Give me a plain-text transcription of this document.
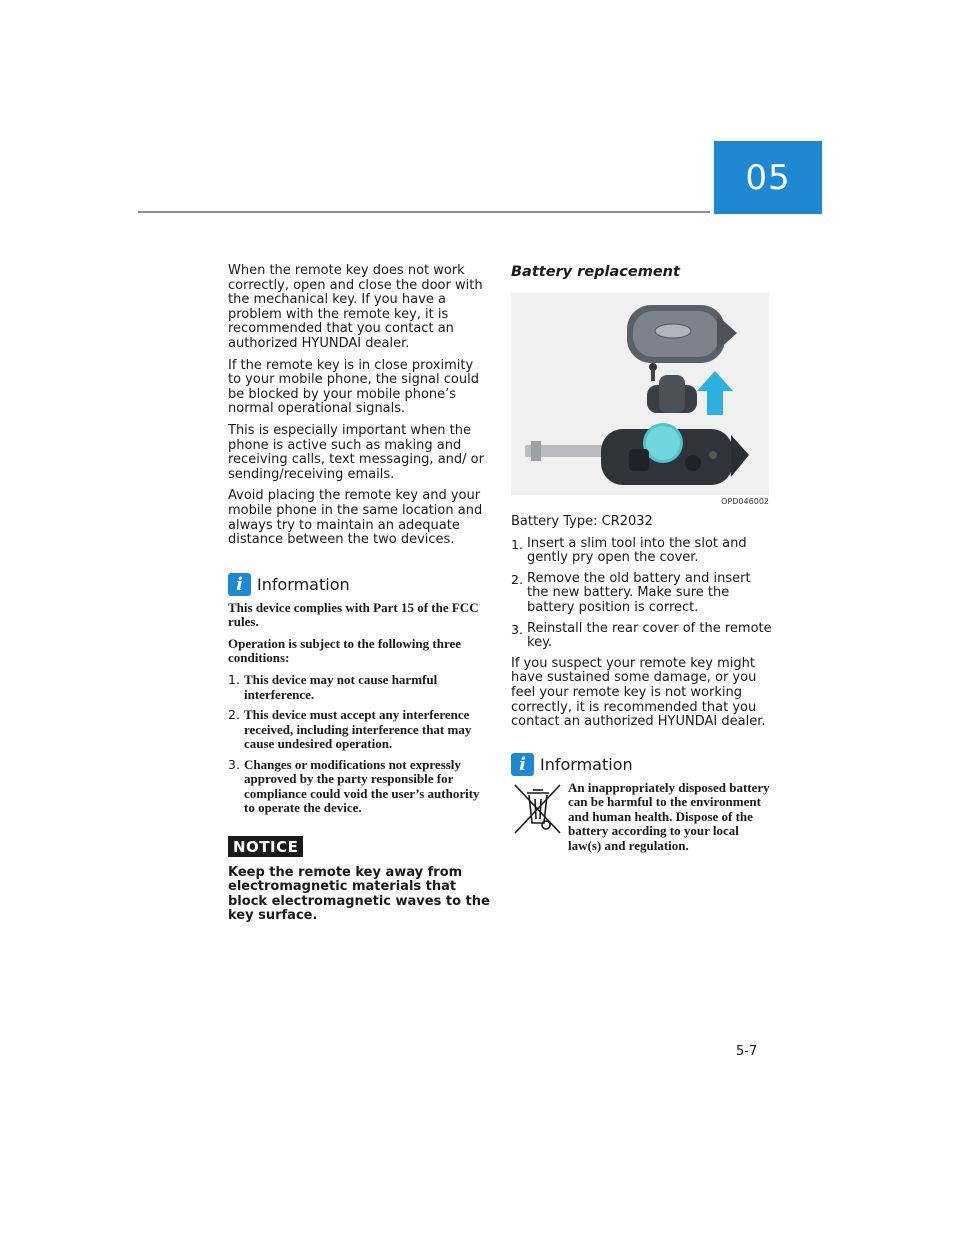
05

When the remote key does not work correctly, open and close the door with the mechanical key. If you have a problem with the remote key, it is recommended that you contact an authorized HYUNDAI dealer.

If the remote key is in close proximity to your mobile phone, the signal could be blocked by your mobile phone’s normal operational signals.

This is especially important when the phone is active such as making and receiving calls, text messaging, and/ or sending/receiving emails.

Avoid placing the remote key and your mobile phone in the same location and always try to maintain an adequate distance between the two devices.

i Information

This device complies with Part 15 of the FCC rules.

Operation is subject to the following three conditions:

1. This device may not cause harmful interference.
2. This device must accept any interference received, including interference that may cause undesired operation.
3. Changes or modifications not expressly approved by the party responsible for compliance could void the user’s authority to operate the device.
NOTICE

Keep the remote key away from electromagnetic materials that block electromagnetic waves to the key surface.

Battery replacement
OPD046002

Battery Type: CR2032

1. Insert a slim tool into the slot and gently pry open the cover.
2. Remove the old battery and insert the new battery. Make sure the battery position is correct.
3. Reinstall the rear cover of the remote key.

If you suspect your remote key might have sustained some damage, or you feel your remote key is not working correctly, it is recommended that you contact an authorized HYUNDAI dealer.

i Information

An inappropriately disposed battery can be harmful to the environment and human health. Dispose of the battery according to your local law(s) and regulation.

5-7
